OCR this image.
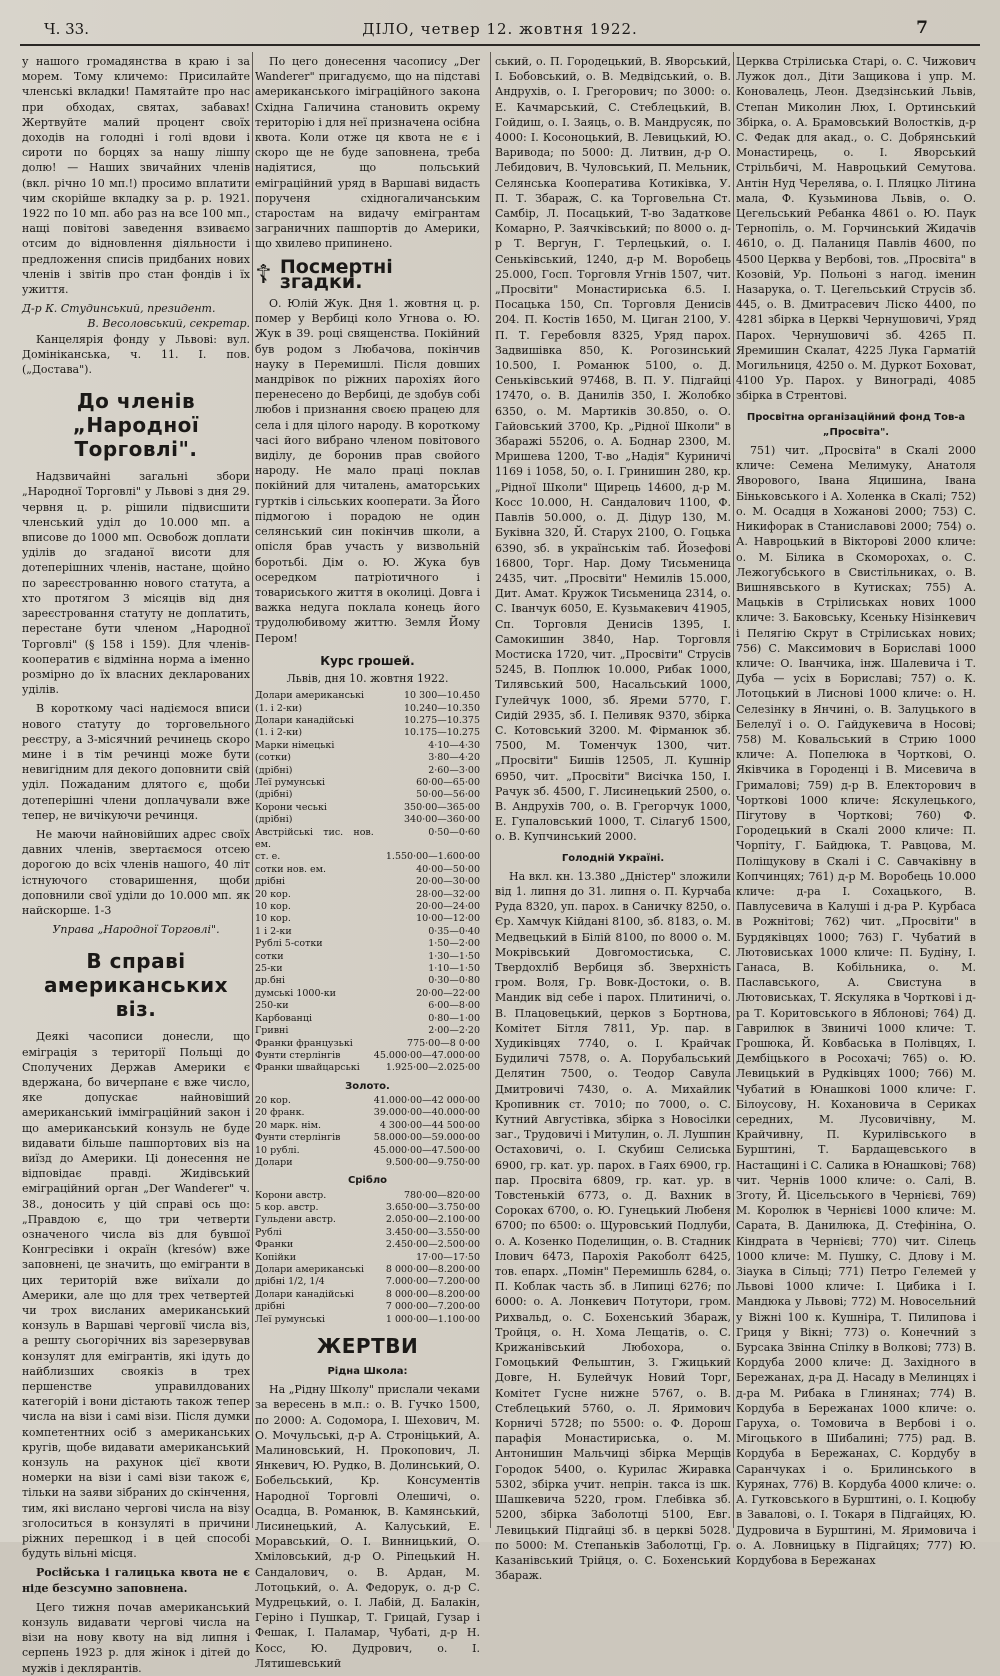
Ч. 33.	ДІЛО, четвер 12. жовтня 1922.	7

у нашого громадянства в краю і за морем. Тому кличемо: Присилайте членські вкладки! Памятайте про нас при обходах, святах, забавах! Жертвуйте малий процент своїх доходів на голодні і голі вдови і сироти по борцях за нашу лішпу долю! — Наших звичайних членів (вкл. річно 10 мп.!) просимо вплатити чим скорійше вкладку за р. р. 1921. 1922 по 10 мп. або раз на все 100 мп., нащі повітові заведення взиваємо отсим до відновлення діяльности і предложення списів придбаних нових членів і звітів про стан фондів і їх ужиття.

Д-р К. Студинський, президент.

В. Весоловський, секретар.

Канцелярія фонду у Львові: вул. Домініканська, ч. 11. I. пов. („Достава").

До членів „Народної Торговлі".

Надзвичайні загальні збори „Народної Торговлі" у Львові з дня 29. червня ц. р. рішили підвисшити членський уділ до 10.000 мп. а вписове до 1000 мп. Освобож доплати уділів до згаданої висоти для дотеперішних членів, настане, щойно по зареєстрованню нового статута, а хто протягом 3 місяців від дня зареєстровання статуту не доплатить, перестане бути членом „Народної Торговлі" (§ 158 і 159). Для членів-кооператив є відмінна норма а іменно розмірно до їх власних декларованих уділів.

В короткому часі надіємося вписи нового статуту до торговельного реєстру, а 3-місячний речинець скоро мине і в тім речинці може бути невигідним для декого доповнити свій уділ. Пожаданим длятого є, щоби дотеперішні члени доплачували вже тепер, не вичікуючи речинця.

Не маючи найновійших адрес своїх давних членів, звертаємося отсею дорогою до всіх членів нашого, 40 літ істнуючого стоваришення, щоби доповнили свої уділи до 10.000 мп. як найскорше. 1-3

Управа „Народної Торговлі".

В справі американських віз.

Деякі часописи донесли, що еміграція з території Польщі до Сполучених Держав Америки є вдержана, бо вичерпане є вже число, яке допускає найновіший американський імміграційний закон і що американський конзуль не буде видавати більше пашпортових віз на виїзд до Америки. Ці донесення не відповідає правді. Жидівський еміграційний орган „Der Wanderer" ч. 38., доносить у цій справі ось що: „Правдою є, що три четверти означеного числа віз для бувшої Конгресівки і окраїн (kresów) вже заповнені, це значить, що емігранти в цих територій вже виїхали до Америки, але що для трех четвертей чи трох висланих американський конзуль в Варшаві черговії числа віз, а решту сьогорічних віз зарезервував конзулят для емігрантів, які ідуть до найблизших своякіз в трех першенстве управилдованих категорій і вони дістають також тепер числа на візи і самі візи. Після думки компетентних осіб з американських кругів, щобе видавати американський конзуль на рахунок цієї квоти номерки на візи і самі візи також є, тільки на заяви зібраних до скінчення, тим, які вислано чергові числа на візу зголоситься в конзуляті в причини ріжних перешкод і в цей способі будуть вільні місця.

Російська і галицька квота не є ніде безсумно заповнена.

Цего тижня почав американський конзуль видавати чергові числа на візи на нову квоту на від липня і серпень 1923 р. для жінок і дітей до мужів і деклярантів.

По цего донесення часопису „Der Wanderer" пригадуємо, що на підставі американського іміграційного закона Східна Галичина становить окрему територію і для неї призначена осібна квота. Коли отже ця квота не є і скоро ще не буде заповнена, треба надіятися, що польський еміграційний уряд в Варшаві видасть порученя східногаличанським старостам на видачу емігрантам заграничних пашпортів до Америки, що хвилево припинено.

☦ Посмертні згадки.

О. Юлій Жук. Дня 1. жовтня ц. р. помер у Вербиці коло Угнова о. Ю. Жук в 39. році священства. Покійний був родом з Любачова, покінчив науку в Перемишлі. Після довших мандрівок по ріжних парохіях його перенесено до Вербиці, де здобув собі любов і признання своєю працею для села і для цілого народу. В короткому часі його вибрано членом повітового виділу, де боронив прав свойого народу. Не мало праці поклав покійний для читалень, аматорських гуртків і сільських кооперати. За Його підмогою і порадою не один селянський син покінчив школи, а опісля брав участь у визвольній боротьбі. Дім о. Ю. Жука був осередком патріотичного і товариського життя в околиці. Довга і важка недуга поклала конець його трудолюбивому життю. Земля Йому Пером!

Курс грошей.
Львів, дня 10. жовтня 1922.
Долари американські	10 300—10.450
(1. і 2-ки)	10.240—10.350
Долари канадійські	10.275—10.375
(1. і 2-ки)	10.175—10.275
Марки німецькі	4·10—4·30
(сотки)	3·80—4·20
(дрібні)	2·60—3·00
Леї румунські	60·00—65·00
(дрібні)	50·00—56·00
Корони чеські	350·00—365·00
(дрібні)	340·00—360·00
Австрійські тис. нов. ем.	0·50—0·60
ст. е.	1.550·00—1.600·00
сотки нов. ем.	40·00—50·00
дрібні	20·00—30·00
20 кор.	28·00—32·00
10 кор.	20·00—24·00
10 кор.	10·00—12·00
1 і 2-ки	0·35—0·40
Рублі 5-сотки	1·50—2·00
сотки	1·30—1·50
25-ки	1·10—1·50
др.бні	0·30—0·80
думські 1000-ки	20·00—22·00
250-ки	6·00—8·00
Карбованці	0·80—1·00
Гривні	2·00—2·20
Франки французькі	775·00—8 0·00
Фунти стерлінгів	45.000·00—47.000·00
Франки швайцарські	1.925·00—2.025·00
Золото.
20 кор.	41.000·00—42 000·00
20 франк.	39.000·00—40.000·00
20 марк. нім.	4 300·00—44 500·00
Фунти стерлінгів	58.000·00—59.000·00
10 рублі.	45.000·00—47.500·00
Долари	9.500·00—9.750·00
Срібло
Корони австр.	780·00—820·00
5 кор. австр.	3.650·00—3.750·00
Гульдени австр.	2.050·00—2.100·00
Рублі	3.450·00—3.550·00
Франки	2.450·00—2.500·00
Копійки	17·00—17·50
Долари американські	8 000·00—8.200·00
дрібні 1/2, 1/4	7.000·00—7.200·00
Долари канадійські	8 000·00—8.200·00
дрібні	7 000·00—7.200·00
Леї румунські	1 000·00—1.100·00
ЖЕРТВИ
Рідна Школа:

На „Рідну Школу" прислали чеками за вересень в м.п.: о. В. Гучко 1500, по 2000: А. Содомора, І. Шехович, М. О. Мочульські, д-р А. Строніцький, А. Малиновський, Н. Прокопович, Л. Янкевич, Ю. Рудко, В. Долинський, О. Бобельський, Кр. Консументів Народної Торговлі Олешичі, о. Осадца, В. Романюк, В. Камянський, Лисинецький, А. Калуський, Е. Моравський, О. І. Винницький, О. Хміловський, д-р О. Ріпецький Н. Сандалович, о. В. Ардан, М. Лотоцький, о. А. Федорук, о. д-р С. Мудрецький, о. І. Лабій, Д. Балакін, Геріно і Пушкар, Т. Грицай, Гузар і Фешак, І. Паламар, Чубаті, д-р Н. Косс, Ю. Дудрович, о. І. Лятишевський

ський, о. П. Городецький, В. Яворський, І. Бобовський, о. В. Медвідський, о. В. Андрухів, о. І. Грегорович; по 3000: о. Е. Качмарський, С. Стеблецький, В. Гойдиш, о. І. Заяць, о. В. Мандрусяк, по 4000: І. Косоноцький, В. Левицький, Ю. Вариводa; по 5000: Д. Литвин, д-р О. Лебидович, В. Чуловський, П. Мельник, Селянська Кооператива Котиківка, У. П. Т. Збараж, С. ка Торговельна Ст. Самбір, Л. Посацький, Т-во Задаткове Комарно, Р. Заячківський; по 8000 о. д-р Т. Вергун, Г. Терлецький, о. І. Сеньківський, 1240, д-р М. Воробець 25.000, Госп. Торговля Угнів 1507, чит. „Просвіти" Монастириська 6.5. І. Посацька 150, Сп. Торговля Денисів 204. П. Костів 1650, М. Циган 2100, У. П. Т. Геребовля 8325, Уряд парох. Задвишівка 850, К. Рогозинський 10.500, І. Романюк 5100, о. Д. Сеньківський 97468, В. П. У. Підгайці 17470, о. В. Данилів 350, І. Жолобко 6350, о. М. Мартиків 30.850, о. О. Гайовський 3700, Кр. „Рідної Школи" в Збаражі 55206, о. А. Боднар 2300, М. Мришева 1200, Т-во „Надія" Куриничі 1169 і 1058, 50, о. І. Гринишин 280, кр. „Рідної Школи" Щирець 14600, д-р М. Косс 10.000, Н. Сандалович 1100, Ф. Павлів 50.000, о. Д. Дідур 130, М. Буківна 320, Й. Старух 2100, О. Гоцька 6390, зб. в українськім таб. Йозефові 16800, Торг. Нар. Дому Тисьменица 2435, чит. „Просвіти" Немилів 15.000, Дит. Амат. Кружок Тисьменица 2314, о. С. Іванчук 6050, Е. Кузьмакевич 41905, Сп. Торговля Денисів 1395, І. Самокишин 3840, Нар. Торговля Мостиска 1720, чит. „Просвіти" Струсів 5245, В. Поплюк 10.000, Рибак 1000, Тилявський 500, Насальський 1000, Гулейчук 1000, зб. Яреми 5770, Г. Сидій 2935, зб. І. Пеливяк 9370, збірка С. Котовський 3200. М. Фірманюк зб. 7500, М. Томенчук 1300, чит. „Просвіти" Бишів 12505, Л. Кушнір 6950, чит. „Просвіти" Висічка 150, І. Рачук зб. 4500, Г. Лисинецький 2500, о. В. Андрухів 700, о. В. Грегорчук 1000, Е. Гупаловський 1000, Т. Сілагуб 1500, о. В. Купчинський 2000.

Голодній Україні.

На вкл. кн. 13.380 „Дністер" зложили від 1. липня до 31. липня о. П. Курчаба Руда 8320, уп. парох. в Саничку 8250, о. Єр. Хамчук Кійдані 8100, зб. 8183, о. М. Медвецький в Білій 8100, по 8000 о. М. Мокрівський Довгомостиська, С. Твердохліб Вербиця зб. Зверхність гром. Воля, Гр. Вовк-Достоки, о. В. Мандик від себе і парох. Плитиничі, о. В. Плацовецький, церков з Бортнова, Комітет Бітля 7811, Ур. пар. в Худиківцях 7740, о. І. Крайчак Будиличі 7578, о. А. Порубальський Делятин 7500, о. Теодор Савула Дмитровичі 7430, о. А. Михайлик Кропивник ст. 7010; по 7000, о. С. Кутний Августівка, збірка з Новосілки заг., Трудовичі і Митулин, о. Л. Лушпин Остаховичі, о. І. Скубиш Селиська 6900, гр. кат. ур. парох. в Гаях 6900, гр. пар. Просвіта 6809, гр. кат. ур. в Товстенькій 6773, о. Д. Вахник в Сороках 6700, о. Ю. Гунецький Любеня 6700; по 6500: о. Щуровський Подлуби, о. А. Козенко Поделищин, о. В. Стадник Ілович 6473, Парохія Ракоболт 6425, тов. епарх. „Помін" Перемишль 6284, о. П. Коблак часть зб. в Липиці 6276; по 6000: о. А. Лонкевич Потутори, гром. Рихвальд, о. С. Бохенський Збараж, Тройця, о. Н. Хома Лещатів, о. С. Крижанівський Любохора, о. Гомоцький Фельштин, З. Гжицький Довге, Н. Булейчук Новий Торг, Комітет Гусне нижне 5767, о. В. Стеблецький 5760, о. Л. Яримович Корничі 5728; по 5500: о. Ф. Дорош парафія Монастириська, о. М. Антонишин Мальчиці збірка Мерщів Городок 5400, о. Курилас Жиравка 5302, збірка учит. непрін. такса із шк. Шашкевича 5220, гром. Глебівка зб. 5200, збірка Заболотці 5100, Евг. Левицький Підгайці зб. в церкві 5028. по 5000: М. Степаньків Заболотці, Гр. Казанівський Трійця, о. С. Бохенський Збараж.

Церква Стрілиська Старі, о. С. Чижович Лужок дол., Діти Защикова і упр. М. Коновалець, Леон. Дзедзінський Львів, Степан Миколин Люх, І. Ортинський Збірка, о. А. Брамовський Волостків, д-р С. Федак для акад., о. С. Добрянський Монастирець, о. І. Яворський Стрільбичі, М. Навроцький Семутова. Антін Нуд Черелява, о. І. Пляцко Літина мала, Ф. Кузьминова Львів, о. О. Цегельський Ребанка 4861 о. Ю. Паук Тернопіль, о. М. Горчинський Жидачів 4610, о. Д. Паланиця Павлів 4600, по 4500 Церква у Вербові, тов. „Просвіта" в Козовій, Ур. Польоні з нагод. іменин Назарука, о. Т. Цегельський Струсів зб. 445, о. В. Дмитрасевич Ліско 4400, по 4281 збірка в Церкві Чернушовичі, Уряд Парох. Чернушовичі зб. 4265 П. Яремишин Скалат, 4225 Лука Гарматій Могильниця, 4250 о. М. Дуркот Боховат, 4100 Ур. Парох. у Винограді, 4085 збірка в Стрентові.

Просвітна організаційний фонд Тов-а „Просвіта".

751) чит. „Просвіта" в Скалі 2000 кличе: Семена Мелимуку, Анатоля Яворового, Івана Яцишина, Івана Біньковського і А. Холенка в Скалі; 752) о. М. Осадця в Хожанові 2000; 753) С. Никифорак в Станиславові 2000; 754) о. А. Навроцький в Вікторові 2000 кличе: о. М. Білика в Скоморохах, о. С. Лежогубського в Свистільниках, о. В. Вишнявського в Кутисках; 755) А. Мацьків в Стрілиськах нових 1000 кличе: З. Баковську, Ксеньку Нізінкевич і Пелягію Скрут в Стрілиськах нових; 756) С. Максимович в Бориславі 1000 кличе: О. Іванчика, інж. Шалевича і Т. Дуба — усіх в Бориславі; 757) о. К. Лотоцький в Лиснові 1000 кличе: о. Н. Селезінку в Янчині, о. В. Залуцького в Белелуї і о. О. Гайдукевича в Носові; 758) М. Ковальський в Стрию 1000 кличе: А. Попелюка в Чорткові, О. Яківчика в Городенці і В. Мисевича в Грималові; 759) д-р В. Електорович в Чорткові 1000 кличе: Яскулецького, Пігутову в Чорткові; 760) Ф. Городецький в Скалі 2000 кличе: П. Чорпіту, Г. Байдюка, Т. Равцова, М. Поліщукову в Скалі і С. Савчаківну в Копчинцях; 761) д-р М. Воробець 10.000 кличе: д-ра І. Сохацького, В. Павлусевича в Калуші і д-ра Р. Курбаса в Рожнітові; 762) чит. „Просвіти" в Бурдяківцях 1000; 763) Г. Чубатий в Лютовиськах 1000 кличе: П. Будіну, І. Ганаса, В. Кобільника, о. М. Паславського, А. Свистуна в Лютовиськах, Т. Яскуляка в Чорткові і д-ра Т. Коритовського в Яблонові; 764) Д. Гаврилюк в Звиничі 1000 кличе: Т. Грошюка, Й. Ковбаська в Полівцях, І. Дембіцького в Росохачі; 765) о. Ю. Левицький в Рудківцях 1000; 766) М. Чубатий в Юнашкові 1000 кличе: Г. Білоусову, Н. Кохановича в Сериках середних, М. Лусовичівну, М. Крайчивну, П. Курилівського в Бурштині, Т. Бардащевського в Настащині і С. Салика в Юнашкові; 768) чит. Чернів 1000 кличе: о. Салі, В. Зготу, Й. Цісельського в Чернієві, 769) М. Королюк в Чернієві 1000 кличе: М. Сарата, В. Данилюка, Д. Стефініна, О. Кіндрата в Чернієві; 770) чит. Сілець 1000 кличе: М. Пушку, С. Длову і М. Зіаука в Сільці; 771) Петро Гелемей у Львові 1000 кличе: І. Цибика і І. Мандюка у Львові; 772) М. Новосельний у Віжні 100 к. Кушніра, Т. Пилипова і Гриця у Вікні; 773) о. Конечний з Бурсака Звінна Спілку в Волкові; 773) В. Кордуба 2000 кличе: Д. Західного в Бережанах, д-ра Д. Насаду в Мелинцях і д-ра М. Рибака в Глинянах; 774) В. Кордуба в Бережанах 1000 кличе: о. Гаруха, о. Томовича в Вербові і о. Мігоцького в Шибалині; 775) рад. В. Кордуба в Бережанах, С. Кордубу в Саранчуках і о. Брилинського в Курянах, 776) В. Кордуба 4000 кличе: о. А. Гутковського в Бурштині, о. І. Коцюбу в Завалові, о. І. Токаря в Підгайцях, Ю. Дудровича в Бурштині, М. Яримовича і о. А. Ловницьку в Підгайцях; 777) Ю. Кордубова в Бережанах
